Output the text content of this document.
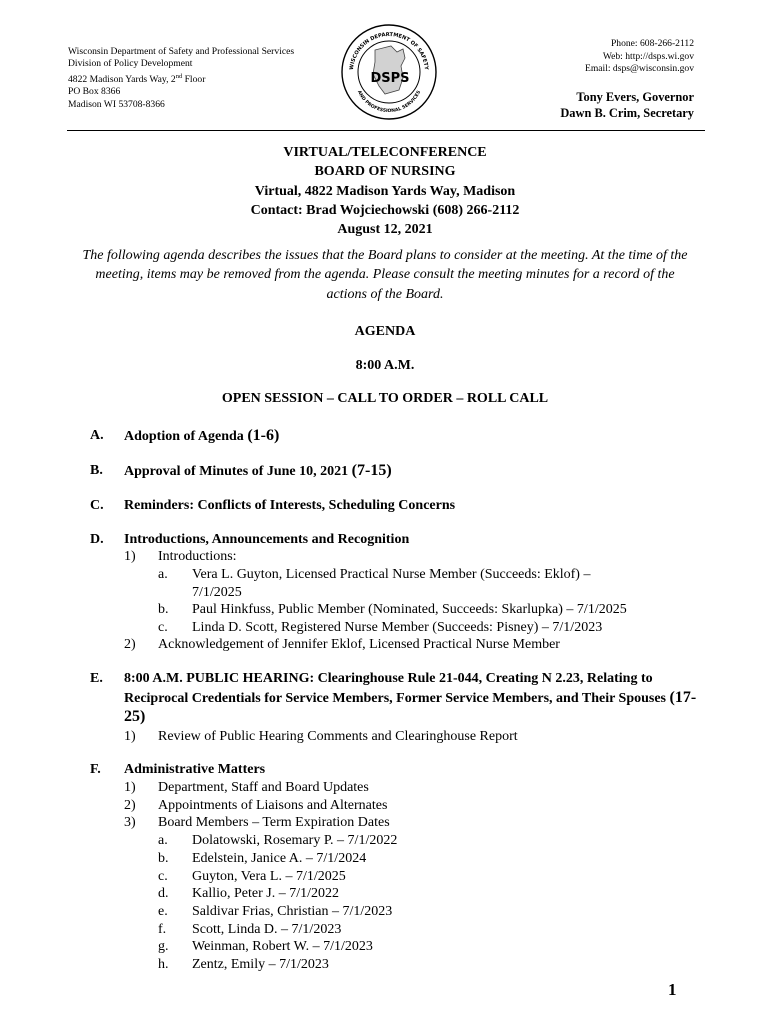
Wisconsin Department of Safety and Professional Services
Division of Policy Development
4822 Madison Yards Way, 2nd Floor
PO Box 8366
Madison WI 53708-8366
WISCONSIN DEPARTMENT OF SAFETY
AND PROFESSIONAL SERVICES
DSPS
Phone: 608-266-2112
Web: http://dsps.wi.gov
Email: dsps@wisconsin.gov
Tony Evers, Governor
Dawn B. Crim, Secretary
VIRTUAL/TELECONFERENCE
BOARD OF NURSING
Virtual, 4822 Madison Yards Way, Madison
Contact: Brad Wojciechowski (608) 266-2112
August 12, 2021
The following agenda describes the issues that the Board plans to consider at the meeting. At the time of the meeting, items may be removed from the agenda. Please consult the meeting minutes for a record of the actions of the Board.
AGENDA
8:00 A.M.
OPEN SESSION – CALL TO ORDER – ROLL CALL
A. Adoption of Agenda (1-6)
B. Approval of Minutes of June 10, 2021 (7-15)
C. Reminders: Conflicts of Interests, Scheduling Concerns
D. Introductions, Announcements and Recognition
1) Introductions:
a. Vera L. Guyton, Licensed Practical Nurse Member (Succeeds: Eklof) – 7/1/2025
b. Paul Hinkfuss, Public Member (Nominated, Succeeds: Skarlupka) – 7/1/2025
c. Linda D. Scott, Registered Nurse Member (Succeeds: Pisney) – 7/1/2023
2) Acknowledgement of Jennifer Eklof, Licensed Practical Nurse Member
E. 8:00 A.M. PUBLIC HEARING: Clearinghouse Rule 21-044, Creating N 2.23, Relating to Reciprocal Credentials for Service Members, Former Service Members, and Their Spouses (17-25)
1) Review of Public Hearing Comments and Clearinghouse Report
F. Administrative Matters
1) Department, Staff and Board Updates
2) Appointments of Liaisons and Alternates
3) Board Members – Term Expiration Dates
a. Dolatowski, Rosemary P. – 7/1/2022
b. Edelstein, Janice A. – 7/1/2024
c. Guyton, Vera L. – 7/1/2025
d. Kallio, Peter J. – 7/1/2022
e. Saldivar Frias, Christian – 7/1/2023
f. Scott, Linda D. – 7/1/2023
g. Weinman, Robert W. – 7/1/2023
h. Zentz, Emily – 7/1/2023
1
